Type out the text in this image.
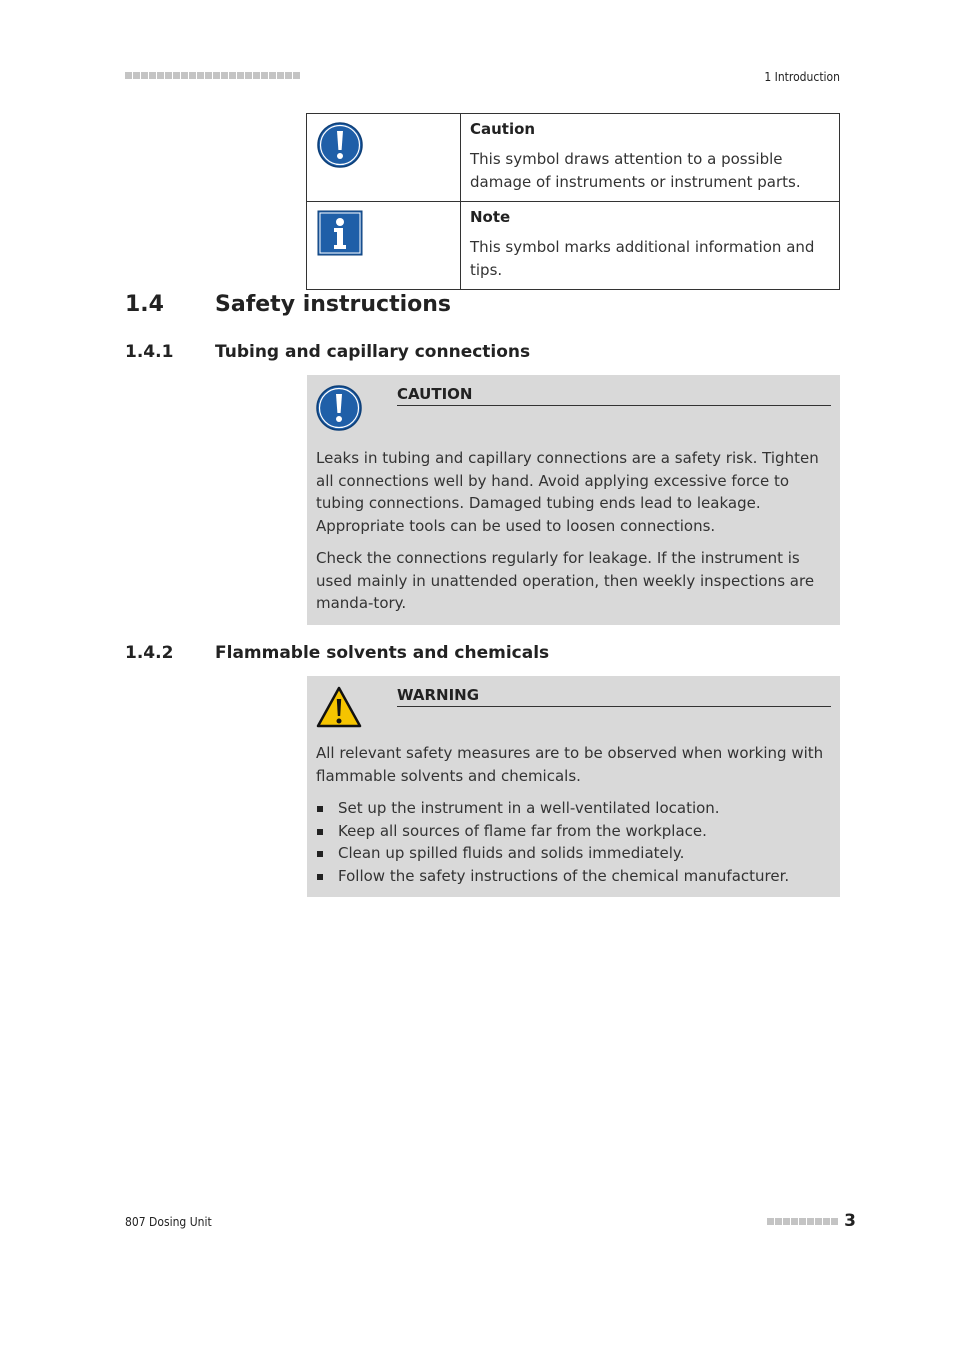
1 Introduction

Caution

This symbol draws attention to a possible damage of instruments or instrument parts.

Note

This symbol marks additional information and tips.

1.4 Safety instructions
1.4.1 Tubing and capillary connections
CAUTION

Leaks in tubing and capillary connections are a safety risk. Tighten all connections well by hand. Avoid applying excessive force to tubing connections. Damaged tubing ends lead to leakage. Appropriate tools can be used to loosen connections.

Check the connections regularly for leakage. If the instrument is used mainly in unattended operation, then weekly inspections are manda-tory.

1.4.2 Flammable solvents and chemicals
WARNING

All relevant safety measures are to be observed when working with flammable solvents and chemicals.

Set up the instrument in a well-ventilated location.
Keep all sources of flame far from the workplace.
Clean up spilled fluids and solids immediately.
Follow the safety instructions of the chemical manufacturer.
807 Dosing Unit	3
